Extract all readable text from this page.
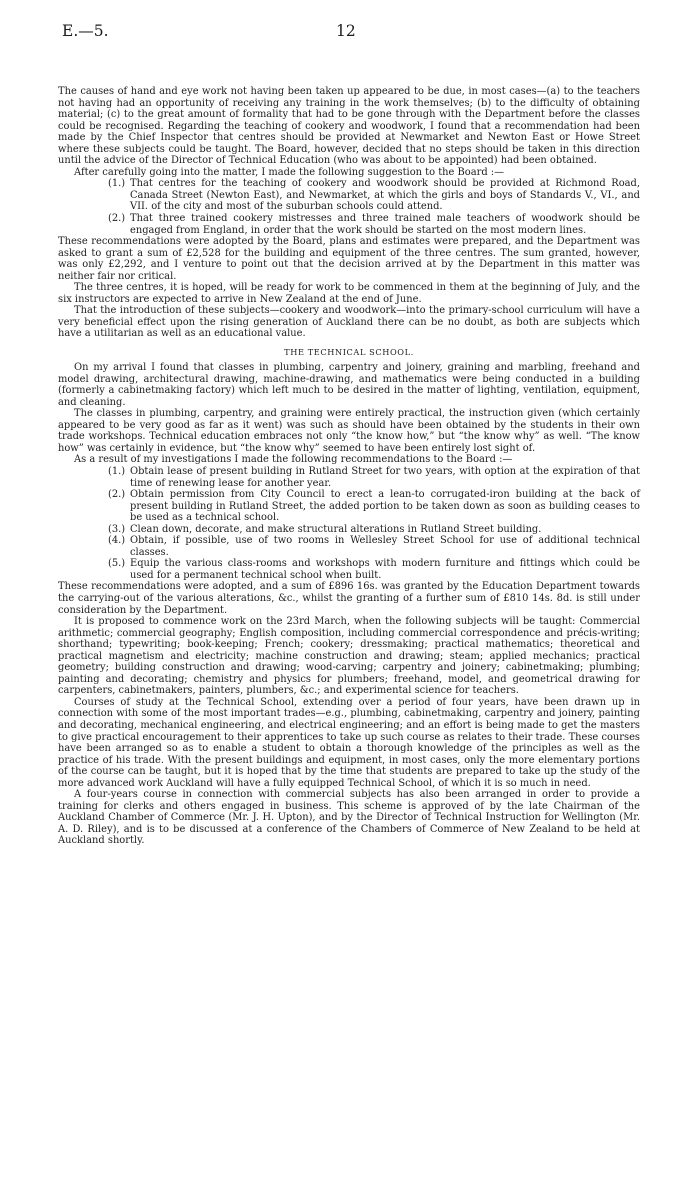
E.—5.	12

The causes of hand and eye work not having been taken up appeared to be due, in most cases—(a) to the teachers not having had an opportunity of receiving any training in the work themselves; (b) to the difficulty of obtaining material; (c) to the great amount of formality that had to be gone through with the Department before the classes could be recognised. Regarding the teaching of cookery and woodwork, I found that a recommendation had been made by the Chief Inspector that centres should be provided at Newmarket and Newton East or Howe Street where these subjects could be taught. The Board, however, decided that no steps should be taken in this direction until the advice of the Director of Technical Education (who was about to be appointed) had been obtained.

After carefully going into the matter, I made the following suggestion to the Board :—

(1.) That centres for the teaching of cookery and woodwork should be provided at Richmond Road, Canada Street (Newton East), and Newmarket, at which the girls and boys of Standards V., VI., and VII. of the city and most of the suburban schools could attend.
(2.) That three trained cookery mistresses and three trained male teachers of woodwork should be engaged from England, in order that the work should be started on the most modern lines.

These recommendations were adopted by the Board, plans and estimates were prepared, and the Department was asked to grant a sum of £2,528 for the building and equipment of the three centres. The sum granted, however, was only £2,292, and I venture to point out that the decision arrived at by the Department in this matter was neither fair nor critical.

The three centres, it is hoped, will be ready for work to be commenced in them at the beginning of July, and the six instructors are expected to arrive in New Zealand at the end of June.

That the introduction of these subjects—cookery and woodwork—into the primary-school curriculum will have a very beneficial effect upon the rising generation of Auckland there can be no doubt, as both are subjects which have a utilitarian as well as an educational value.

THE TECHNICAL SCHOOL.

On my arrival I found that classes in plumbing, carpentry and joinery, graining and marbling, freehand and model drawing, architectural drawing, machine-drawing, and mathematics were being conducted in a building (formerly a cabinetmaking factory) which left much to be desired in the matter of lighting, ventilation, equipment, and cleaning.

The classes in plumbing, carpentry, and graining were entirely practical, the instruction given (which certainly appeared to be very good as far as it went) was such as should have been obtained by the students in their own trade workshops. Technical education embraces not only “the know how,” but “the know why” as well. “The know how” was certainly in evidence, but “the know why” seemed to have been entirely lost sight of.

As a result of my investigations I made the following recommendations to the Board :—

(1.) Obtain lease of present building in Rutland Street for two years, with option at the expiration of that time of renewing lease for another year.
(2.) Obtain permission from City Council to erect a lean-to corrugated-iron building at the back of present building in Rutland Street, the added portion to be taken down as soon as building ceases to be used as a technical school.
(3.) Clean down, decorate, and make structural alterations in Rutland Street building.
(4.) Obtain, if possible, use of two rooms in Wellesley Street School for use of additional technical classes.
(5.) Equip the various class-rooms and workshops with modern furniture and fittings which could be used for a permanent technical school when built.

These recommendations were adopted, and a sum of £896 16s. was granted by the Education Department towards the carrying-out of the various alterations, &c., whilst the granting of a further sum of £810 14s. 8d. is still under consideration by the Department.

It is proposed to commence work on the 23rd March, when the following subjects will be taught: Commercial arithmetic; commercial geography; English composition, including commercial correspondence and précis-writing; shorthand; typewriting; book-keeping; French; cookery; dressmaking; practical mathematics; theoretical and practical magnetism and electricity; machine construction and drawing; steam; applied mechanics; practical geometry; building construction and drawing; wood-carving; carpentry and joinery; cabinetmaking; plumbing; painting and decorating; chemistry and physics for plumbers; freehand, model, and geometrical drawing for carpenters, cabinetmakers, painters, plumbers, &c.; and experimental science for teachers.

Courses of study at the Technical School, extending over a period of four years, have been drawn up in connection with some of the most important trades—e.g., plumbing, cabinetmaking, carpentry and joinery, painting and decorating, mechanical engineering, and electrical engineering; and an effort is being made to get the masters to give practical encouragement to their apprentices to take up such course as relates to their trade. These courses have been arranged so as to enable a student to obtain a thorough knowledge of the principles as well as the practice of his trade. With the present buildings and equipment, in most cases, only the more elementary portions of the course can be taught, but it is hoped that by the time that students are prepared to take up the study of the more advanced work Auckland will have a fully equipped Technical School, of which it is so much in need.

A four-years course in connection with commercial subjects has also been arranged in order to provide a training for clerks and others engaged in business. This scheme is approved of by the late Chairman of the Auckland Chamber of Commerce (Mr. J. H. Upton), and by the Director of Technical Instruction for Wellington (Mr. A. D. Riley), and is to be discussed at a conference of the Chambers of Commerce of New Zealand to be held at Auckland shortly.
